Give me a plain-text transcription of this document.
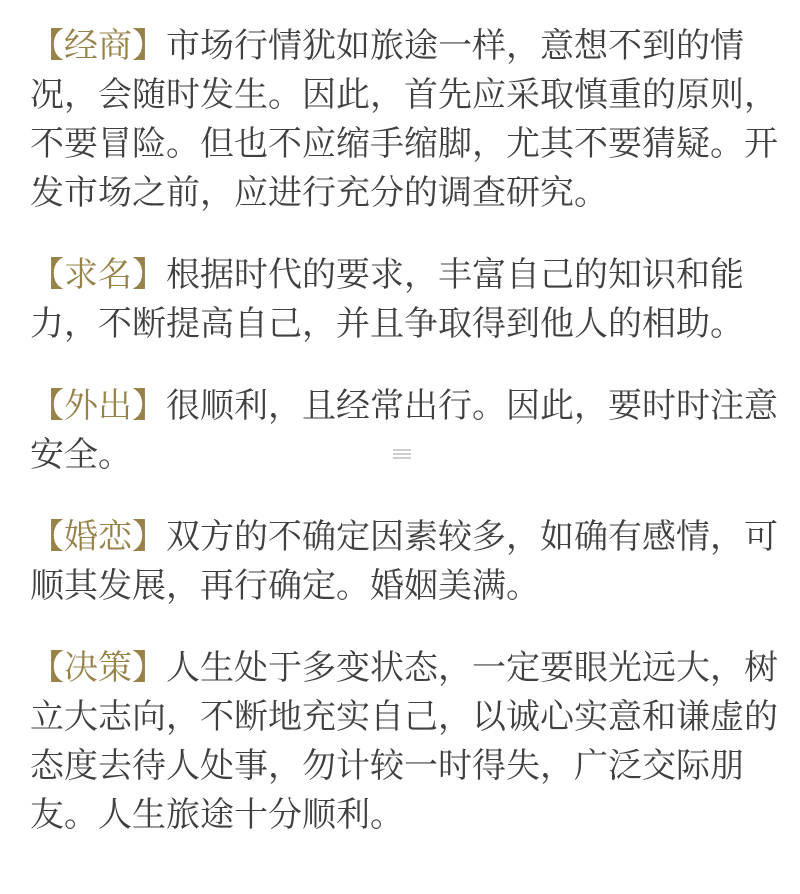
【经商】市场行情犹如旅途一样，意想不到的情
况，会随时发生。因此，首先应采取慎重的原则，
不要冒险。但也不应缩手缩脚，尤其不要猜疑。开
发市场之前，应进行充分的调查研究。

【求名】根据时代的要求，丰富自己的知识和能
力，不断提高自己，并且争取得到他人的相助。

【外出】很顺利，且经常出行。因此，要时时注意
安全。

【婚恋】双方的不确定因素较多，如确有感情，可
顺其发展，再行确定。婚姻美满。

【决策】人生处于多变状态，一定要眼光远大，树
立大志向，不断地充实自己，以诚心实意和谦虚的
态度去待人处事，勿计较一时得失，广泛交际朋
友。人生旅途十分顺利。
